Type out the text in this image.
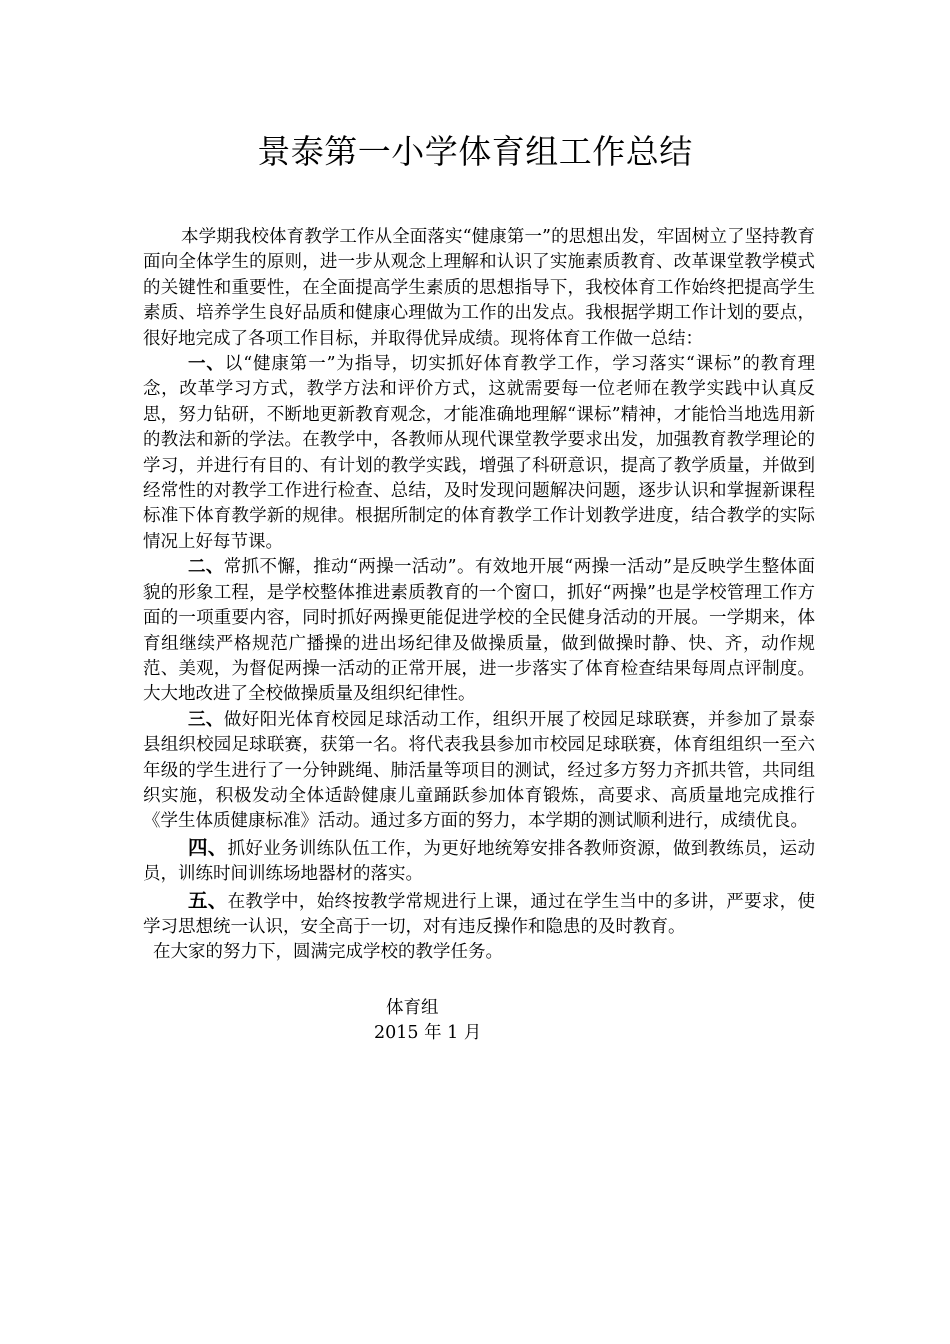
景泰第一小学体育组工作总结

本学期我校体育教学工作从全面落实“健康第一”的思想出发，牢固树立了坚持教育面向全体学生的原则，进一步从观念上理解和认识了实施素质教育、改革课堂教学模式的关键性和重要性，在全面提高学生素质的思想指导下，我校体育工作始终把提高学生素质、培养学生良好品质和健康心理做为工作的出发点。我根据学期工作计划的要点，很好地完成了各项工作目标，并取得优异成绩。现将体育工作做一总结：

一、以“健康第一”为指导，切实抓好体育教学工作，学习落实“课标”的教育理念，改革学习方式，教学方法和评价方式，这就需要每一位老师在教学实践中认真反思，努力钻研，不断地更新教育观念，才能准确地理解“课标”精神，才能恰当地选用新的教法和新的学法。在教学中，各教师从现代课堂教学要求出发，加强教育教学理论的学习，并进行有目的、有计划的教学实践，增强了科研意识，提高了教学质量，并做到经常性的对教学工作进行检查、总结，及时发现问题解决问题，逐步认识和掌握新课程标准下体育教学新的规律。根据所制定的体育教学工作计划教学进度，结合教学的实际情况上好每节课。

二、常抓不懈，推动“两操一活动”。有效地开展“两操一活动”是反映学生整体面貌的形象工程，是学校整体推进素质教育的一个窗口，抓好“两操”也是学校管理工作方面的一项重要内容，同时抓好两操更能促进学校的全民健身活动的开展。一学期来，体育组继续严格规范广播操的进出场纪律及做操质量，做到做操时静、快、齐，动作规范、美观，为督促两操一活动的正常开展，进一步落实了体育检查结果每周点评制度。大大地改进了全校做操质量及组织纪律性。

三、做好阳光体育校园足球活动工作，组织开展了校园足球联赛，并参加了景泰县组织校园足球联赛，获第一名。将代表我县参加市校园足球联赛，体育组组织一至六年级的学生进行了一分钟跳绳、肺活量等项目的测试，经过多方努力齐抓共管，共同组织实施，积极发动全体适龄健康儿童踊跃参加体育锻炼，高要求、高质量地完成推行《学生体质健康标准》活动。通过多方面的努力，本学期的测试顺利进行，成绩优良。

四、抓好业务训练队伍工作，为更好地统筹安排各教师资源，做到教练员，运动员，训练时间训练场地器材的落实。

五、在教学中，始终按教学常规进行上课，通过在学生当中的多讲，严要求，使学习思想统一认识，安全高于一切，对有违反操作和隐患的及时教育。

在大家的努力下，圆满完成学校的教学任务。

体育组
2015 年 1 月
